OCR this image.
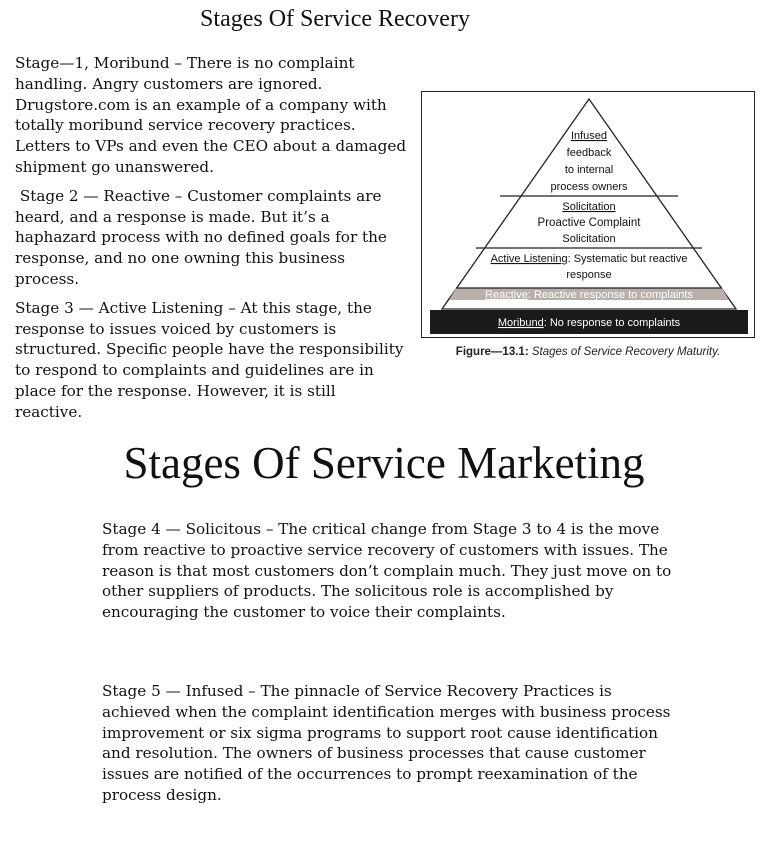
Stages Of Service Recovery

Stage—1, Moribund – There is no complaint handling. Angry customers are ignored. Drugstore.com is an example of a company with totally moribund service recovery practices. Letters to VPs and even the CEO about a damaged shipment go unanswered.

Stage 2 — Reactive – Customer complaints are heard, and a response is made. But it’s a haphazard process with no defined goals for the response, and no one owning this business process.

Stage 3 — Active Listening – At this stage, the response to issues voiced by customers is structured. Specific people have the responsibility to respond to complaints and guidelines are in place for the response. However, it is still reactive.

Infused
feedback
to internal
process owners
Solicitation
Proactive Complaint
Solicitation
Active Listening: Systematic but reactive
response
Reactive: Reactive response to complaints
Moribund: No response to complaints
Figure—13.1: Stages of Service Recovery Maturity.
Stages Of Service Marketing

Stage 4 — Solicitous – The critical change from Stage 3 to 4 is the move from reactive to proactive service recovery of customers with issues. The reason is that most customers don’t complain much. They just move on to other suppliers of products. The solicitous role is accomplished by encouraging the customer to voice their complaints.

Stage 5 — Infused – The pinnacle of Service Recovery Practices is achieved when the complaint identification merges with business process improvement or six sigma programs to support root cause identification and resolution. The owners of business processes that cause customer issues are notified of the occurrences to prompt reexamination of the process design.
